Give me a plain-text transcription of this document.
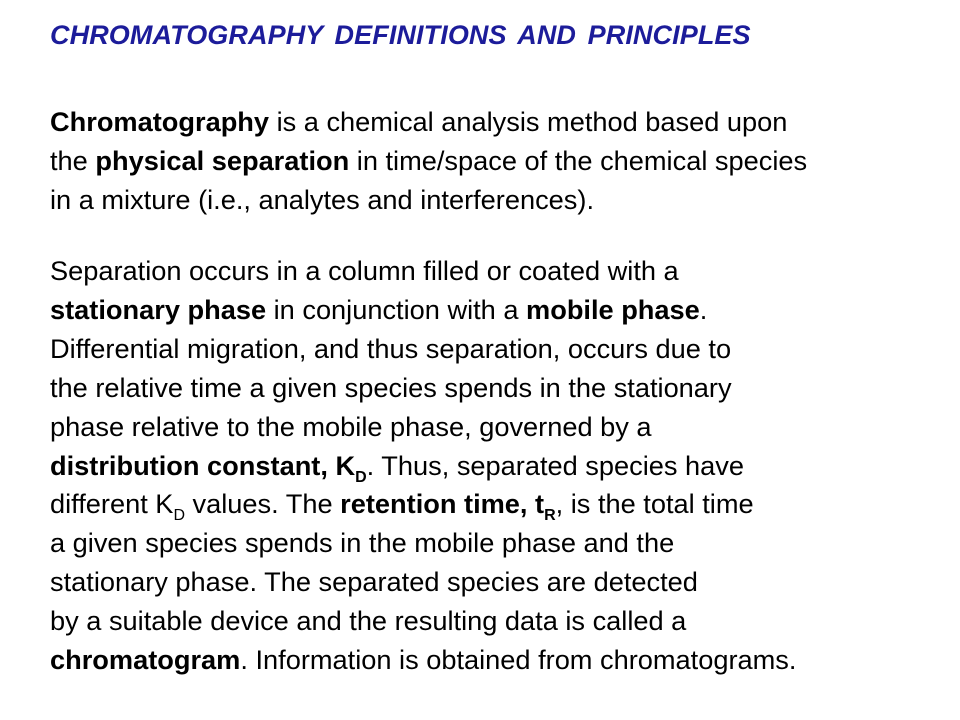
CHROMATOGRAPHY DEFINITIONS AND PRINCIPLES
Chromatography is a chemical analysis method based upon
the physical separation in time/space of the chemical species
in a mixture (i.e., analytes and interferences).
Separation occurs in a column filled or coated with a
stationary phase in conjunction with a mobile phase.
Differential migration, and thus separation, occurs due to
the relative time a given species spends in the stationary
phase relative to the mobile phase, governed by a
distribution constant, $K_D$. Thus, separated species have
different $K_D$ values. The retention time, $t_R$, is the total time
a given species spends in the mobile phase and the
stationary phase. The separated species are detected
by a suitable device and the resulting data is called a
chromatogram. Information is obtained from chromatograms.
